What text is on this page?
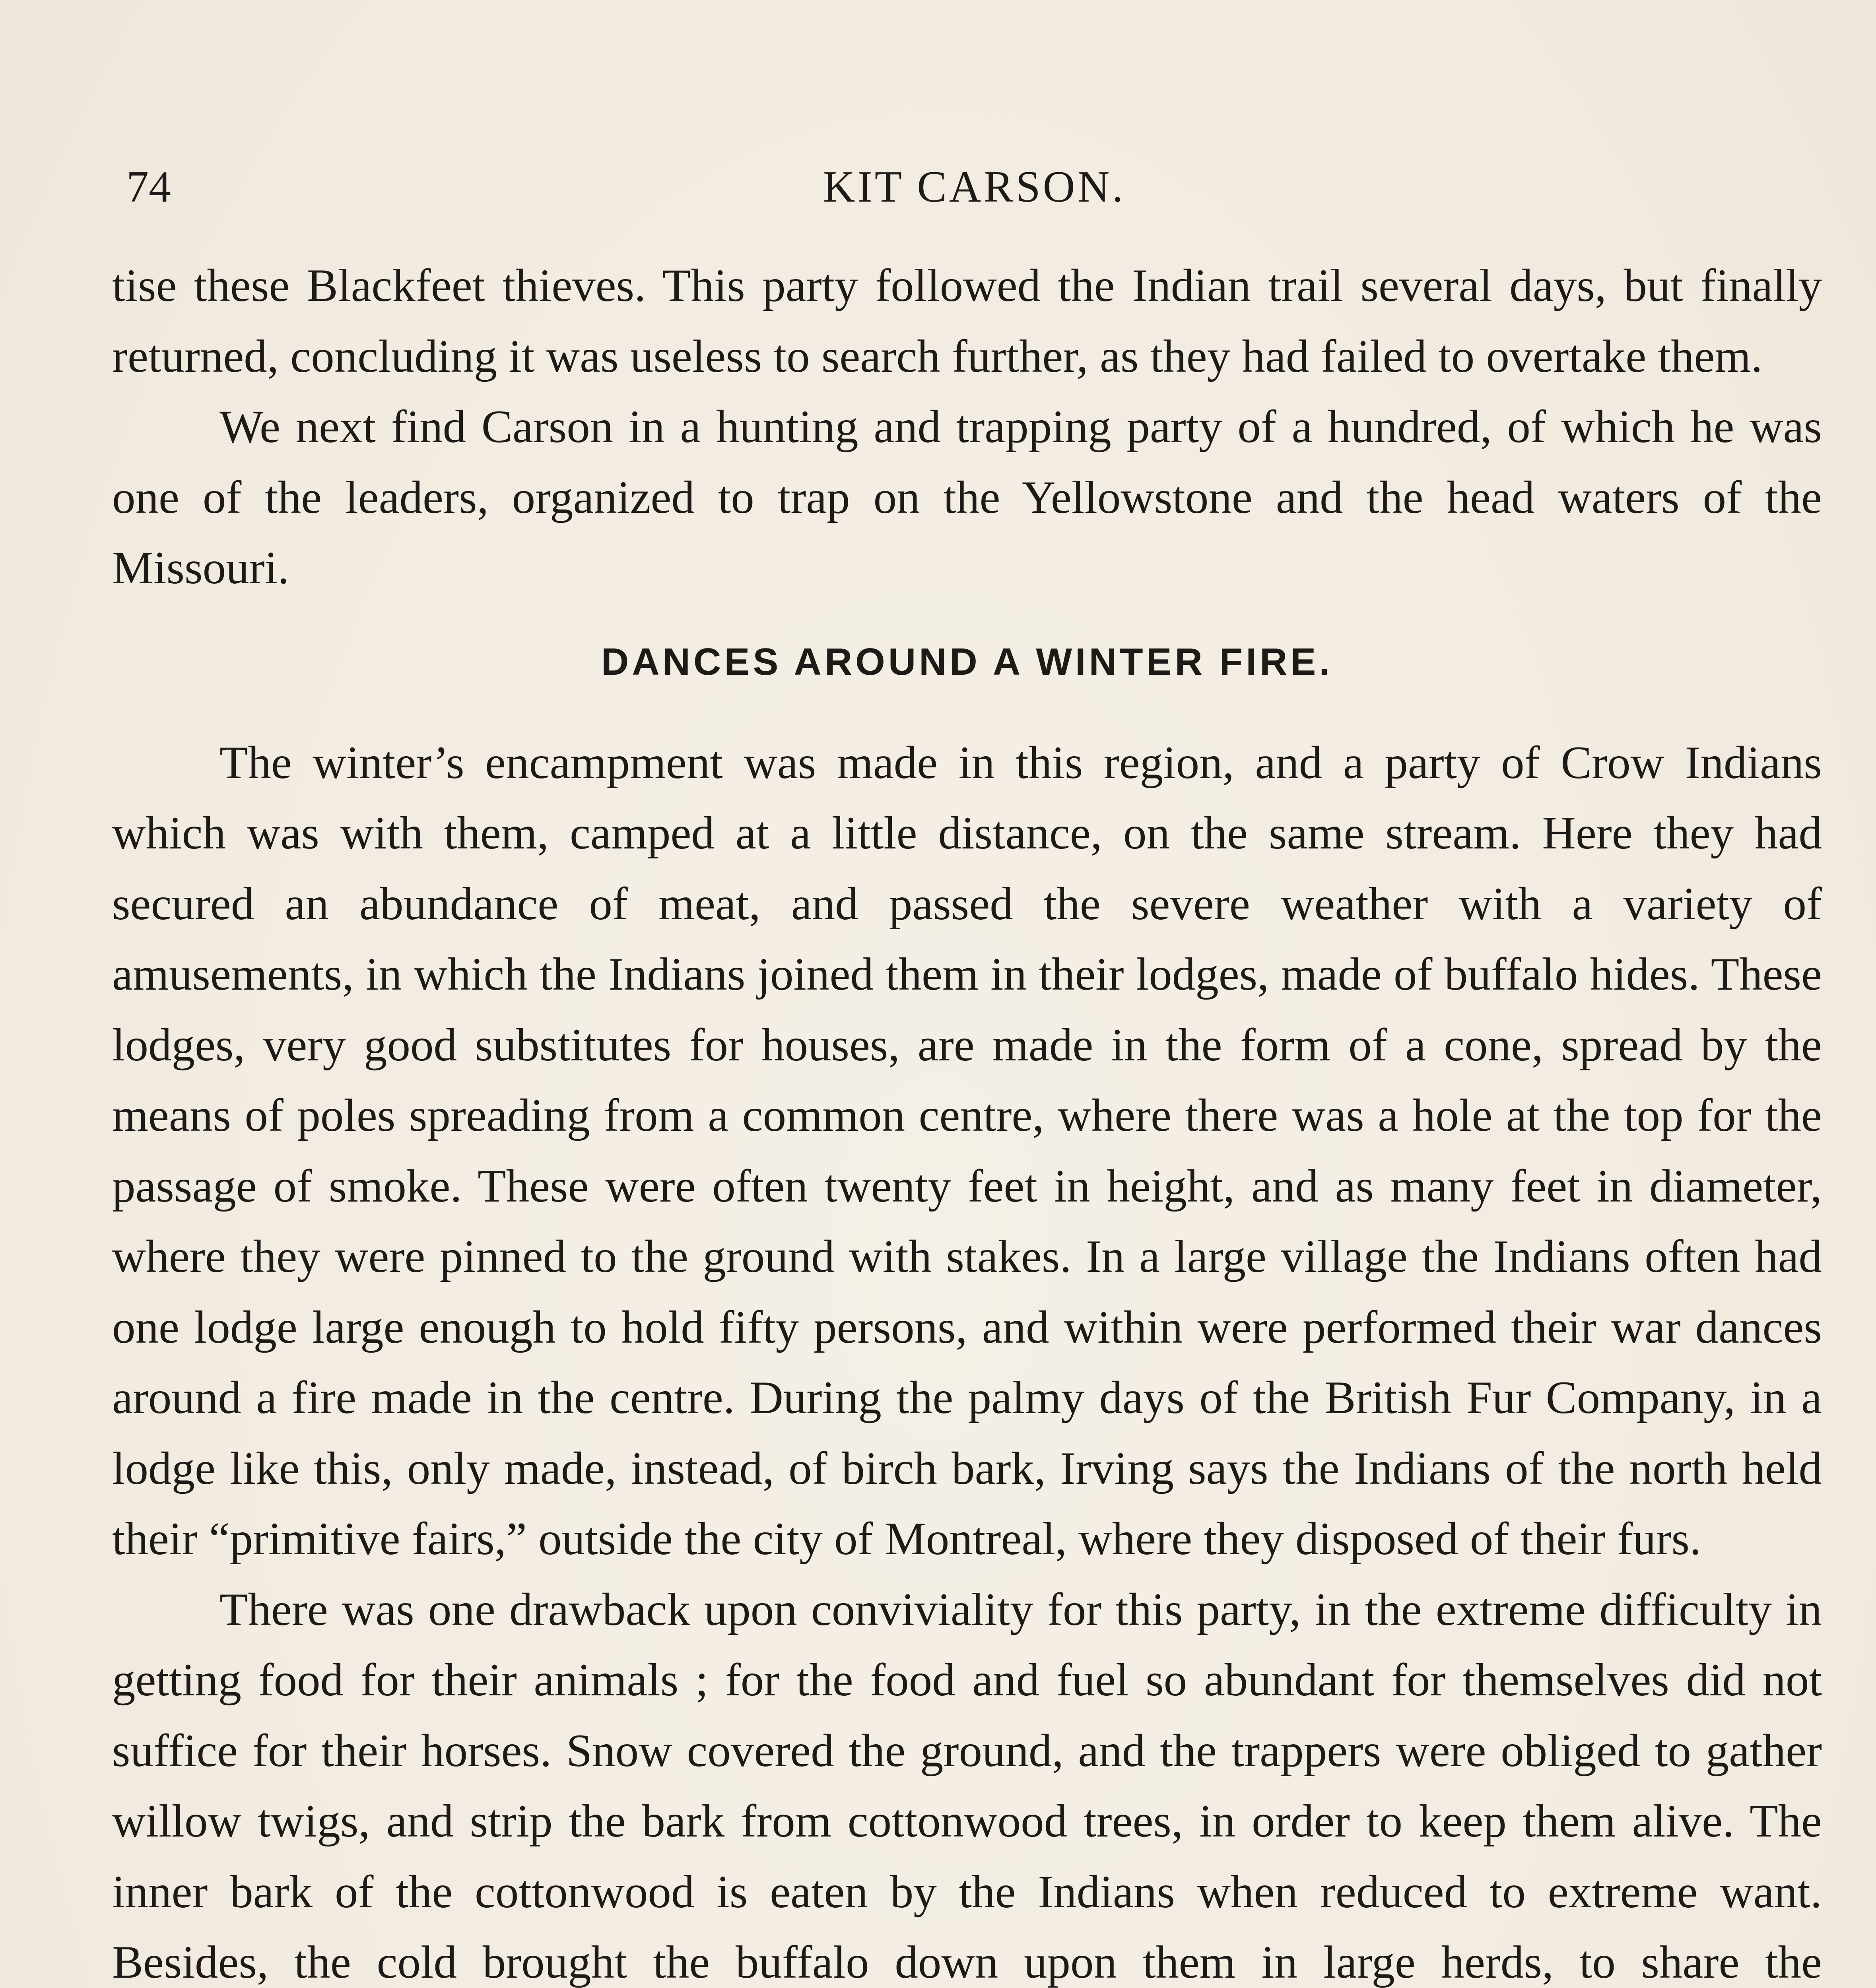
74	KIT CARSON.

tise these Blackfeet thieves. This party followed the Indian trail several days, but finally returned, concluding it was useless to search further, as they had failed to overtake them.

We next find Carson in a hunting and trapping party of a hundred, of which he was one of the leaders, organized to trap on the Yellowstone and the head waters of the Missouri.

DANCES AROUND A WINTER FIRE.

The winter’s encampment was made in this region, and a party of Crow Indians which was with them, camped at a little distance, on the same stream. Here they had secured an abundance of meat, and passed the severe weather with a variety of amusements, in which the Indians joined them in their lodges, made of buffalo hides. These lodges, very good substitutes for houses, are made in the form of a cone, spread by the means of poles spreading from a common centre, where there was a hole at the top for the passage of smoke. These were often twenty feet in height, and as many feet in diameter, where they were pinned to the ground with stakes. In a large village the Indians often had one lodge large enough to hold fifty persons, and within were performed their war dances around a fire made in the centre. During the palmy days of the British Fur Company, in a lodge like this, only made, instead, of birch bark, Irving says the Indians of the north held their “primitive fairs,” outside the city of Montreal, where they disposed of their furs.

There was one drawback upon conviviality for this party, in the extreme difficulty in getting food for their animals ; for the food and fuel so abundant for themselves did not suffice for their horses. Snow covered the ground, and the trappers were obliged to gather willow twigs, and strip the bark from cottonwood trees, in order to keep them alive. The inner bark of the cottonwood is eaten by the Indians when reduced to extreme want. Besides, the cold brought the buffalo down upon them in large herds, to share the
